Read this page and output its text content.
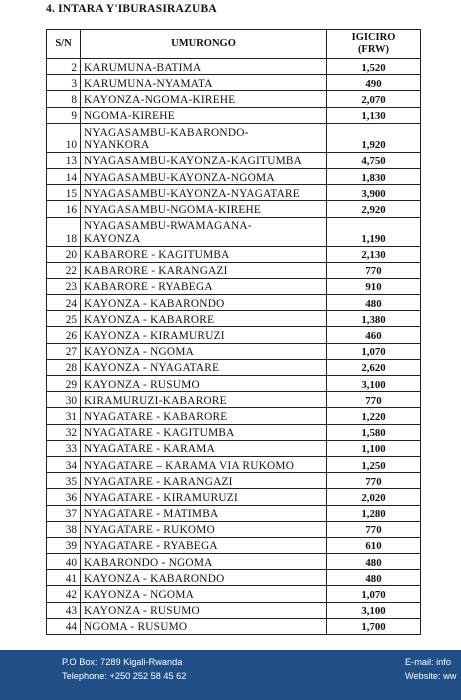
4. INTARA Y'IBURASIRAZUBA
S/N	UMURONGO	IGICIRO
(FRW)
2	KARUMUNA-BATIMA	1,520
3	KARUMUNA-NYAMATA	490
8	KAYONZA-NGOMA-KIREHE	2,070
9	NGOMA-KIREHE	1,130
10	NYAGASAMBU-KABARONDO-
NYANKORA	1,920
13	NYAGASAMBU-KAYONZA-KAGITUMBA	4,750
14	NYAGASAMBU-KAYONZA-NGOMA	1,830
15	NYAGASAMBU-KAYONZA-NYAGATARE	3,900
16	NYAGASAMBU-NGOMA-KIREHE	2,920
18	NYAGASAMBU-RWAMAGANA-
KAYONZA	1,190
20	KABARORE - KAGITUMBA	2,130
22	KABARORE - KARANGAZI	770
23	KABARORE - RYABEGA	910
24	KAYONZA - KABARONDO	480
25	KAYONZA - KABARORE	1,380
26	KAYONZA - KIRAMURUZI	460
27	KAYONZA - NGOMA	1,070
28	KAYONZA - NYAGATARE	2,620
29	KAYONZA - RUSUMO	3,100
30	KIRAMURUZI-KABARORE	770
31	NYAGATARE - KABARORE	1,220
32	NYAGATARE - KAGITUMBA	1,580
33	NYAGATARE - KARAMA	1,100
34	NYAGATARE – KARAMA VIA RUKOMO	1,250
35	NYAGATARE - KARANGAZI	770
36	NYAGATARE - KIRAMURUZI	2,020
37	NYAGATARE - MATIMBA	1,280
38	NYAGATARE - RUKOMO	770
39	NYAGATARE - RYABEGA	610
40	KABARONDO - NGOMA	480
41	KAYONZA - KABARONDO	480
42	KAYONZA - NGOMA	1,070
43	KAYONZA - RUSUMO	3,100
44	NGOMA - RUSUMO	1,700
P.O Box: 7289 Kigali-Rwanda
Telephone: +250 252 58 45 62
E-mail: info
Website: ww
